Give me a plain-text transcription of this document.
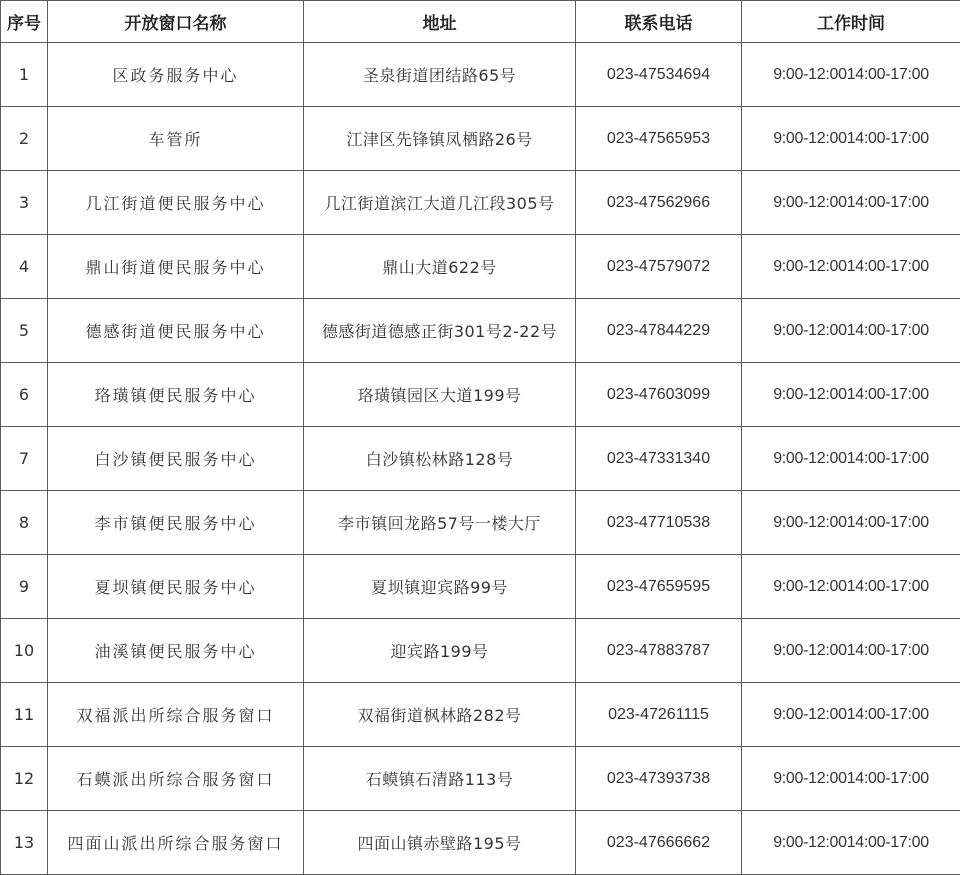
序号	开放窗口名称	地址	联系电话	工作时间
1	区政务服务中心	圣泉街道团结路65号	023-47534694	9:00-12:0014:00-17:00
2	车管所	江津区先锋镇凤栖路26号	023-47565953	9:00-12:0014:00-17:00
3	几江街道便民服务中心	几江街道滨江大道几江段305号	023-47562966	9:00-12:0014:00-17:00
4	鼎山街道便民服务中心	鼎山大道622号	023-47579072	9:00-12:0014:00-17:00
5	德感街道便民服务中心	德感街道德感正街301号2-22号	023-47844229	9:00-12:0014:00-17:00
6	珞璜镇便民服务中心	珞璜镇园区大道199号	023-47603099	9:00-12:0014:00-17:00
7	白沙镇便民服务中心	白沙镇松林路128号	023-47331340	9:00-12:0014:00-17:00
8	李市镇便民服务中心	李市镇回龙路57号一楼大厅	023-47710538	9:00-12:0014:00-17:00
9	夏坝镇便民服务中心	夏坝镇迎宾路99号	023-47659595	9:00-12:0014:00-17:00
10	油溪镇便民服务中心	迎宾路199号	023-47883787	9:00-12:0014:00-17:00
11	双福派出所综合服务窗口	双福街道枫林路282号	023-47261115	9:00-12:0014:00-17:00
12	石蟆派出所综合服务窗口	石蟆镇石清路113号	023-47393738	9:00-12:0014:00-17:00
13	四面山派出所综合服务窗口	四面山镇赤壁路195号	023-47666662	9:00-12:0014:00-17:00
